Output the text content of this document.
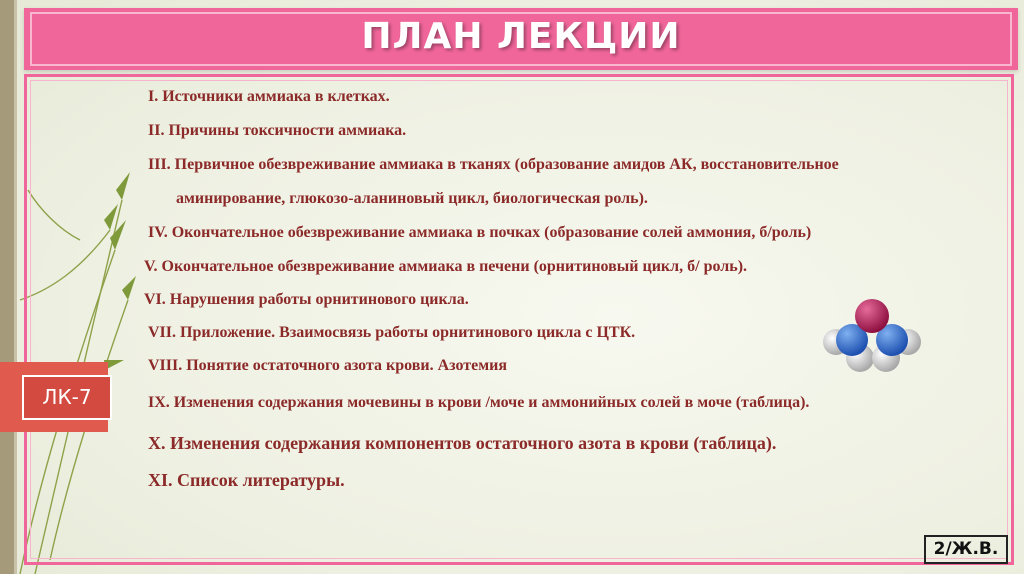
ПЛАН ЛЕКЦИИ
I. Источники аммиака в клетках.
II. Причины токсичности аммиака.
III. Первичное обезвреживание аммиака в тканях (образование амидов АК, восстановительное
аминирование, глюкозо-аланиновый цикл, биологическая роль).
IV. Окончательное обезвреживание аммиака в почках (образование солей аммония, б/роль)
V. Окончательное обезвреживание аммиака в печени (орнитиновый цикл, б/ роль).
VI. Нарушения работы орнитинового цикла.
VII. Приложение. Взаимосвязь работы орнитинового цикла с ЦТК.
VIII. Понятие остаточного азота крови. Азотемия
IX. Изменения содержания мочевины в крови /моче и аммонийных солей в моче (таблица).
X. Изменения содержания компонентов остаточного азота в крови (таблица).
XI. Список литературы.
ЛК-7
2/Ж.В.
